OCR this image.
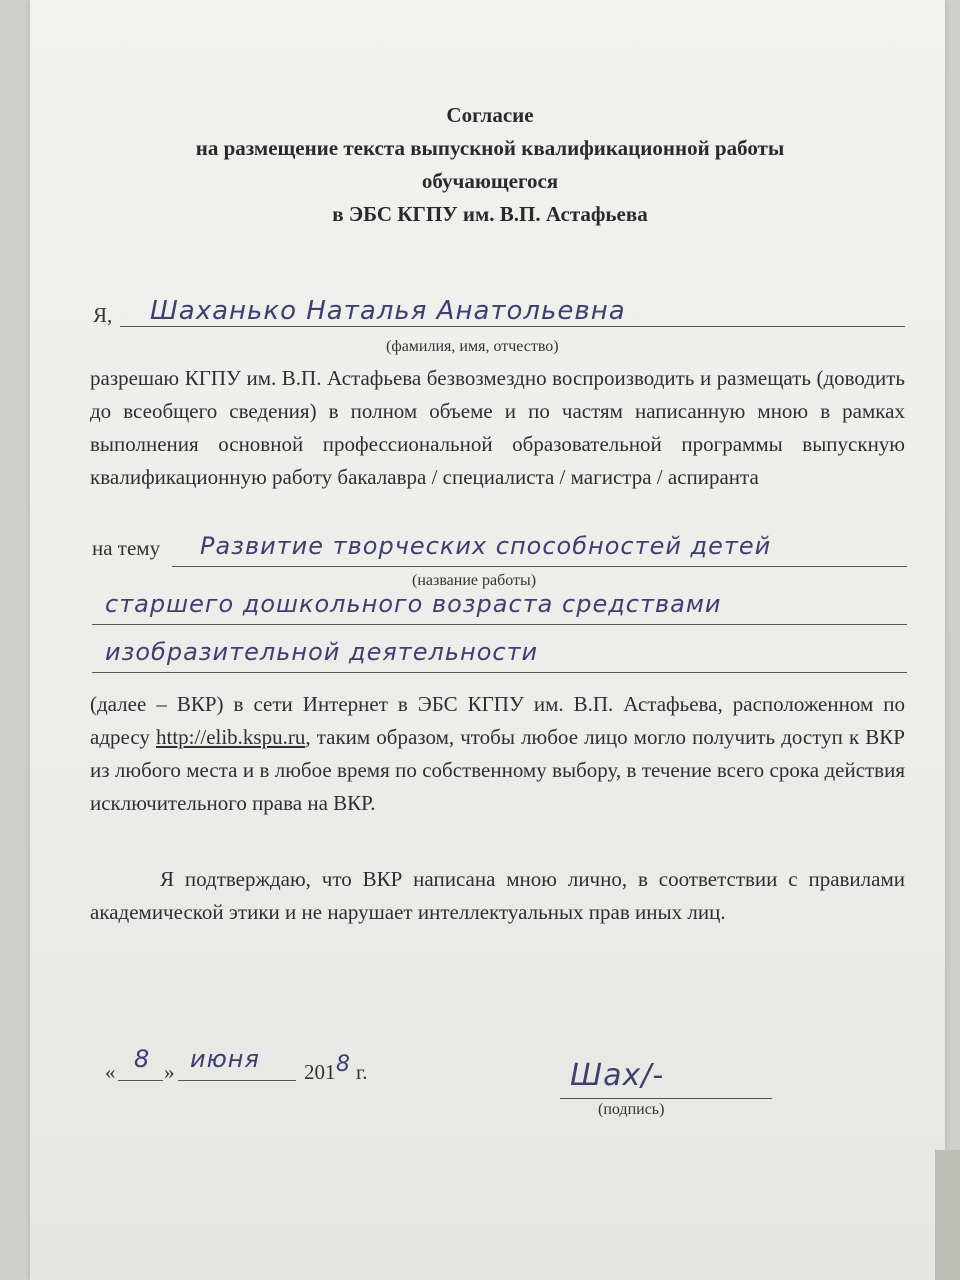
Согласие
на размещение текста выпускной квалификационной работы
обучающегося
в ЭБС КГПУ им. В.П. Астафьева
Я, Шаханько Наталья Анатольевна
(фамилия, имя, отчество)
разрешаю КГПУ им. В.П. Астафьева безвозмездно воспроизводить и размещать (доводить до всеобщего сведения) в полном объеме и по частям написанную мною в рамках выполнения основной профессиональной образовательной программы выпускную квалификационную работу бакалавра / специалиста / магистра / аспиранта
на тему Развитие творческих способностей детей
(название работы)
старшего дошкольного возраста средствами
изобразительной деятельности
(далее – ВКР) в сети Интернет в ЭБС КГПУ им. В.П. Астафьева, расположенном по адресу http://elib.kspu.ru, таким образом, чтобы любое лицо могло получить доступ к ВКР из любого места и в любое время по собственному выбору, в течение всего срока действия исключительного права на ВКР.
Я подтверждаю, что ВКР написана мною лично, в соответствии с правилами академической этики и не нарушает интеллектуальных прав иных лиц.
« 8 » июня 201 8 г.	Шах/-
(подпись)
